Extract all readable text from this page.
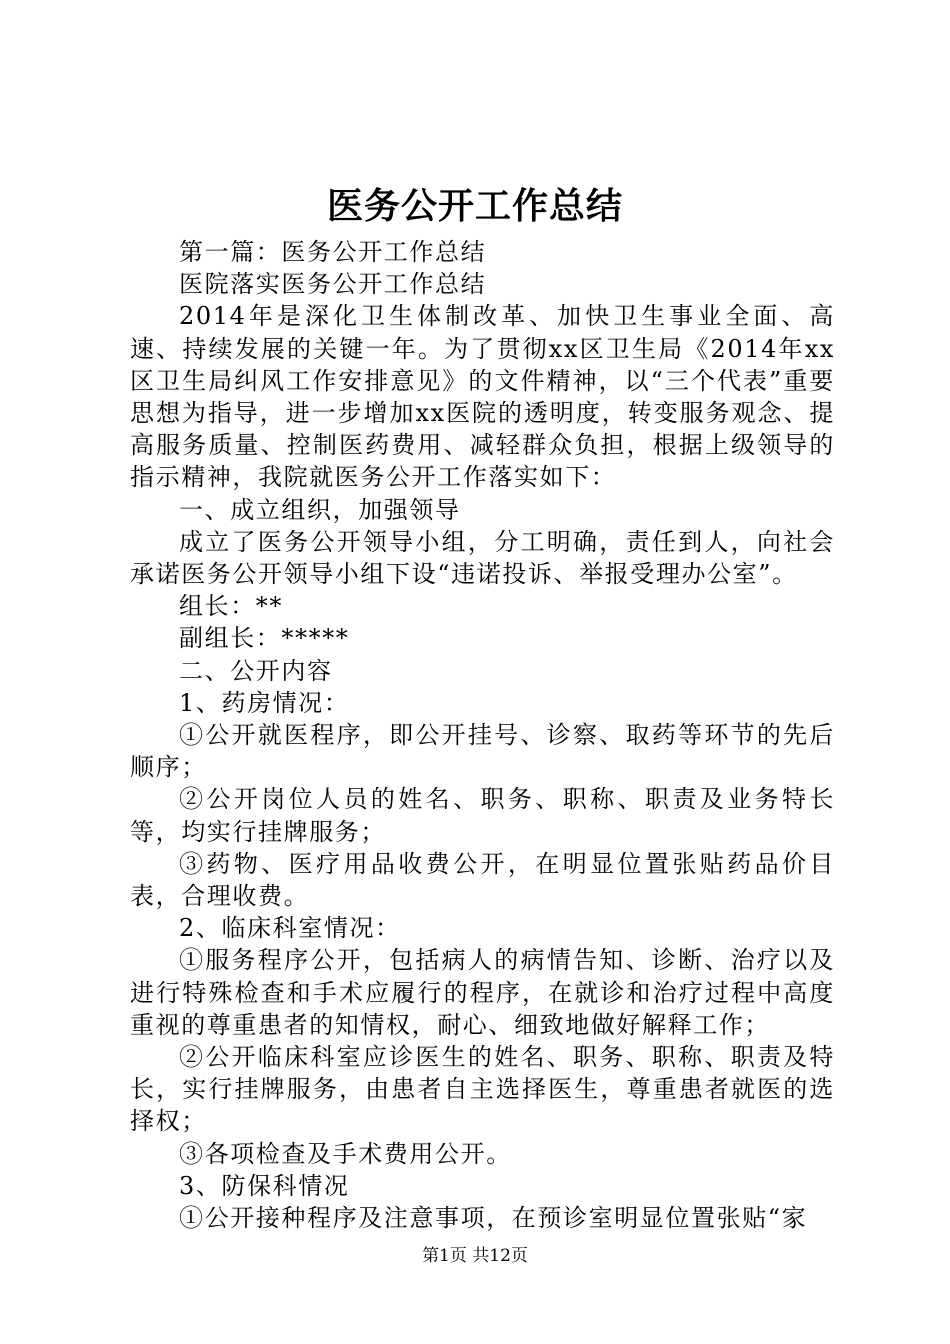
医务公开工作总结

第一篇：医务公开工作总结

医院落实医务公开工作总结

2014年是深化卫生体制改革、加快卫生事业全面、高速、持续发展的关键一年。为了贯彻xx区卫生局《2014年xx区卫生局纠风工作安排意见》的文件精神，以“三个代表”重要思想为指导，进一步增加xx医院的透明度，转变服务观念、提高服务质量、控制医药费用、减轻群众负担，根据上级领导的指示精神，我院就医务公开工作落实如下：

一、成立组织，加强领导

成立了医务公开领导小组，分工明确，责任到人，向社会承诺医务公开领导小组下设“违诺投诉、举报受理办公室”。

组长：**

副组长：*****

二、公开内容

1、药房情况：

①公开就医程序，即公开挂号、诊察、取药等环节的先后顺序；

②公开岗位人员的姓名、职务、职称、职责及业务特长等，均实行挂牌服务；

③药物、医疗用品收费公开，在明显位置张贴药品价目表，合理收费。

2、临床科室情况：

①服务程序公开，包括病人的病情告知、诊断、治疗以及进行特殊检查和手术应履行的程序，在就诊和治疗过程中高度重视的尊重患者的知情权，耐心、细致地做好解释工作；

②公开临床科室应诊医生的姓名、职务、职称、职责及特长，实行挂牌服务，由患者自主选择医生，尊重患者就医的选择权；

③各项检查及手术费用公开。

3、防保科情况

①公开接种程序及注意事项，在预诊室明显位置张贴“家

第1页 共12页
